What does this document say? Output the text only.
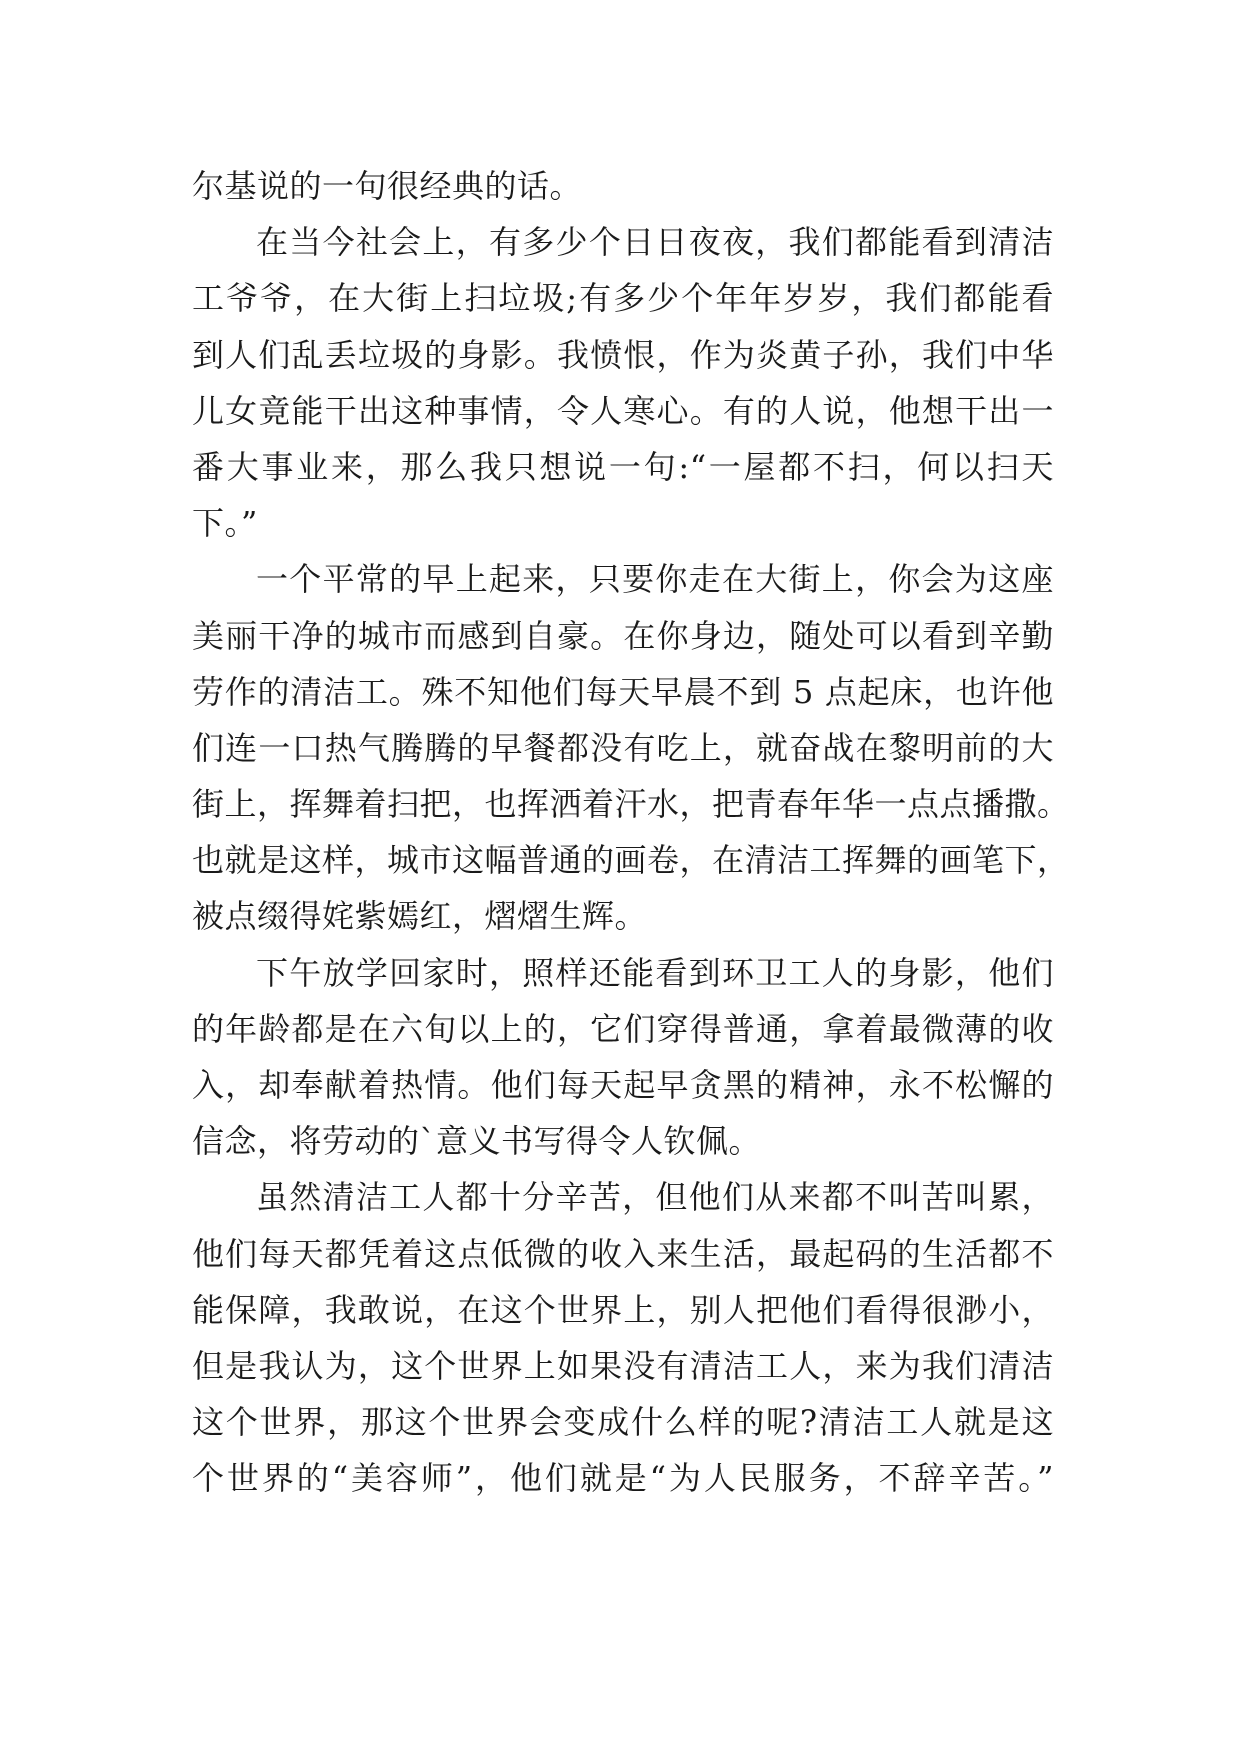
尔基说的一句很经典的话。
在当今社会上，有多少个日日夜夜，我们都能看到清洁
工爷爷，在大街上扫垃圾;有多少个年年岁岁，我们都能看
到人们乱丢垃圾的身影。我愤恨，作为炎黄子孙，我们中华
儿女竟能干出这种事情，令人寒心。有的人说，他想干出一
番大事业来，那么我只想说一句:“一屋都不扫，何以扫天
下。”
一个平常的早上起来，只要你走在大街上，你会为这座
美丽干净的城市而感到自豪。在你身边，随处可以看到辛勤
劳作的清洁工。殊不知他们每天早晨不到 5 点起床，也许他
们连一口热气腾腾的早餐都没有吃上，就奋战在黎明前的大
街上，挥舞着扫把，也挥洒着汗水，把青春年华一点点播撒。
也就是这样，城市这幅普通的画卷，在清洁工挥舞的画笔下，
被点缀得姹紫嫣红，熠熠生辉。
下午放学回家时，照样还能看到环卫工人的身影，他们
的年龄都是在六旬以上的，它们穿得普通，拿着最微薄的收
入，却奉献着热情。他们每天起早贪黑的精神，永不松懈的
信念，将劳动的`意义书写得令人钦佩。
虽然清洁工人都十分辛苦，但他们从来都不叫苦叫累，
他们每天都凭着这点低微的收入来生活，最起码的生活都不
能保障，我敢说，在这个世界上，别人把他们看得很渺小，
但是我认为，这个世界上如果没有清洁工人，来为我们清洁
这个世界，那这个世界会变成什么样的呢?清洁工人就是这
个世界的“美容师”，他们就是“为人民服务，不辞辛苦。”
